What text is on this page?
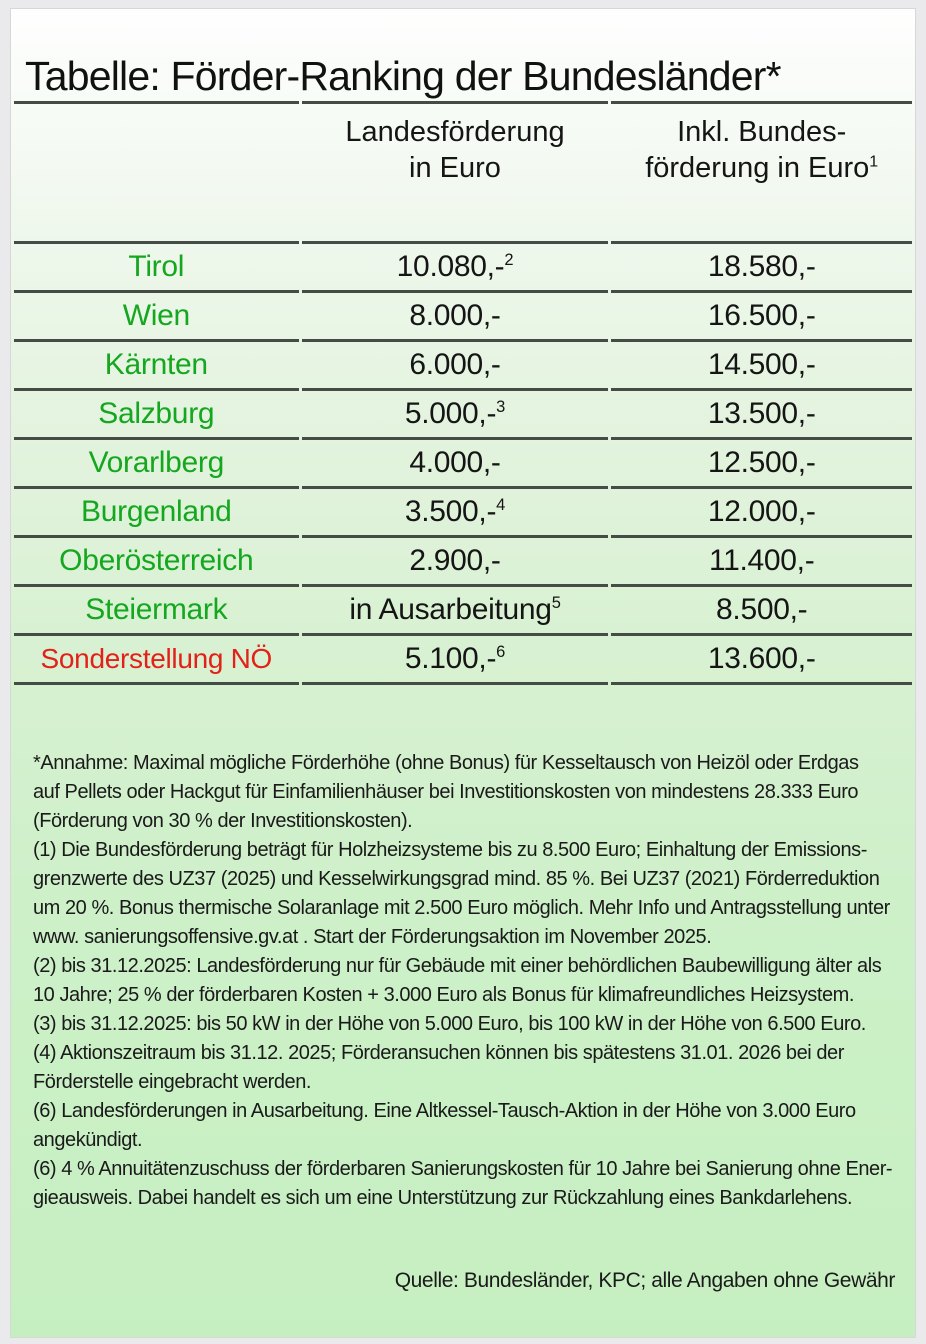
Tabelle: Förder-Ranking der Bundesländer*

Landesförderung
in Euro

Inkl. Bundes-
förderung in Euro$^1$

Tirol	10.080,-$^2$	18.580,-
Wien	8.000,-	16.500,-
Kärnten	6.000,-	14.500,-
Salzburg	5.000,-$^3$	13.500,-
Vorarlberg	4.000,-	12.500,-
Burgenland	3.500,-$^4$	12.000,-
Oberösterreich	2.900,-	11.400,-
Steiermark	in Ausarbeitung$^5$	8.500,-
Sonderstellung NÖ	5.100,-$^6$	13.600,-
*Annahme: Maximal mögliche Förderhöhe (ohne Bonus) für Kesseltausch von Heizöl oder Erdgas
auf Pellets oder Hackgut für Einfamilienhäuser bei Investitionskosten von mindestens 28.333 Euro
(Förderung von 30 % der Investitionskosten).
(1) Die Bundesförderung beträgt für Holzheizsysteme bis zu 8.500 Euro; Einhaltung der Emissions-
grenzwerte des UZ37 (2025) und Kesselwirkungsgrad mind. 85 %. Bei UZ37 (2021) Förderreduktion
um 20 %. Bonus thermische Solaranlage mit 2.500 Euro möglich. Mehr Info und Antragsstellung unter
www. sanierungsoffensive.gv.at . Start der Förderungsaktion im November 2025.
(2) bis 31.12.2025: Landesförderung nur für Gebäude mit einer behördlichen Baubewilligung älter als
10 Jahre; 25 % der förderbaren Kosten + 3.000 Euro als Bonus für klimafreundliches Heizsystem.
(3) bis 31.12.2025: bis 50 kW in der Höhe von 5.000 Euro, bis 100 kW in der Höhe von 6.500 Euro.
(4) Aktionszeitraum bis 31.12. 2025; Förderansuchen können bis spätestens 31.01. 2026 bei der
Förderstelle eingebracht werden.
(6) Landesförderungen in Ausarbeitung. Eine Altkessel-Tausch-Aktion in der Höhe von 3.000 Euro
angekündigt.
(6) 4 % Annuitätenzuschuss der förderbaren Sanierungskosten für 10 Jahre bei Sanierung ohne Ener-
gieausweis. Dabei handelt es sich um eine Unterstützung zur Rückzahlung eines Bankdarlehens.
Quelle: Bundesländer, KPC; alle Angaben ohne Gewähr
